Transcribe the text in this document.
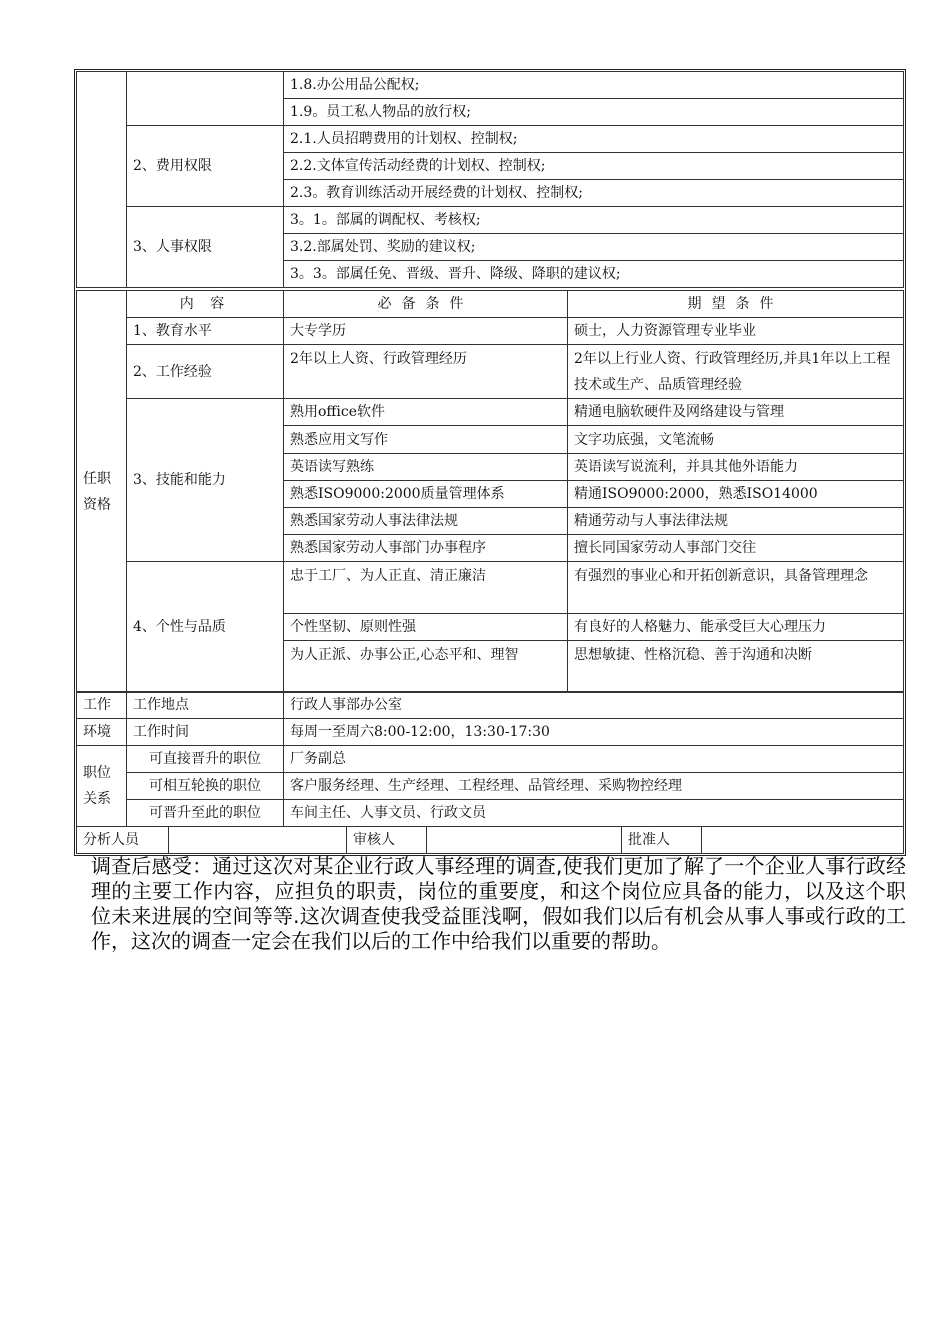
		1.8.办公用品公配权;
		1.9。员工私人物品的放行权;
	2、费用权限	2.1.人员招聘费用的计划权、控制权;
		2.2.文体宣传活动经费的计划权、控制权;
		2.3。教育训练活动开展经费的计划权、控制权;
	3、人事权限	3。1。部属的调配权、考核权;
		3.2.部属处罚、奖励的建议权;
		3。3。部属任免、晋级、晋升、降级、降职的建议权;
任职资格	内 容	必备条件	期望条件
	1、教育水平	大专学历	硕士，人力资源管理专业毕业
	2、工作经验	2年以上人资、行政管理经历	2年以上行业人资、行政管理经历,并具1年以上工程技术或生产、品质管理经验
	3、技能和能力	熟用office软件	精通电脑软硬件及网络建设与管理
		熟悉应用文写作	文字功底强，文笔流畅
		英语读写熟练	英语读写说流利，并具其他外语能力
		熟悉ISO9000:2000质量管理体系	精通ISO9000:2000，熟悉ISO14000
		熟悉国家劳动人事法律法规	精通劳动与人事法律法规
		熟悉国家劳动人事部门办事程序	擅长同国家劳动人事部门交往
	4、个性与品质	忠于工厂、为人正直、清正廉洁	有强烈的事业心和开拓创新意识，具备管理理念
		个性坚韧、原则性强	有良好的人格魅力、能承受巨大心理压力
		为人正派、办事公正,心态平和、理智	思想敏捷、性格沉稳、善于沟通和决断
工作	工作地点	行政人事部办公室
环境	工作时间	每周一至周六8:00-12:00，13:30-17:30
职位
关系	可直接晋升的职位	厂务副总
	可相互轮换的职位	客户服务经理、生产经理、工程经理、品管经理、采购物控经理
	可晋升至此的职位	车间主任、人事文员、行政文员
分析人员		审核人		批准人	
调查后感受：通过这次对某企业行政人事经理的调查,使我们更加了解了一个企业人事行政经理的主要工作内容，应担负的职责，岗位的重要度，和这个岗位应具备的能力，以及这个职位未来进展的空间等等.这次调查使我受益匪浅啊，假如我们以后有机会从事人事或行政的工作，这次的调查一定会在我们以后的工作中给我们以重要的帮助。
